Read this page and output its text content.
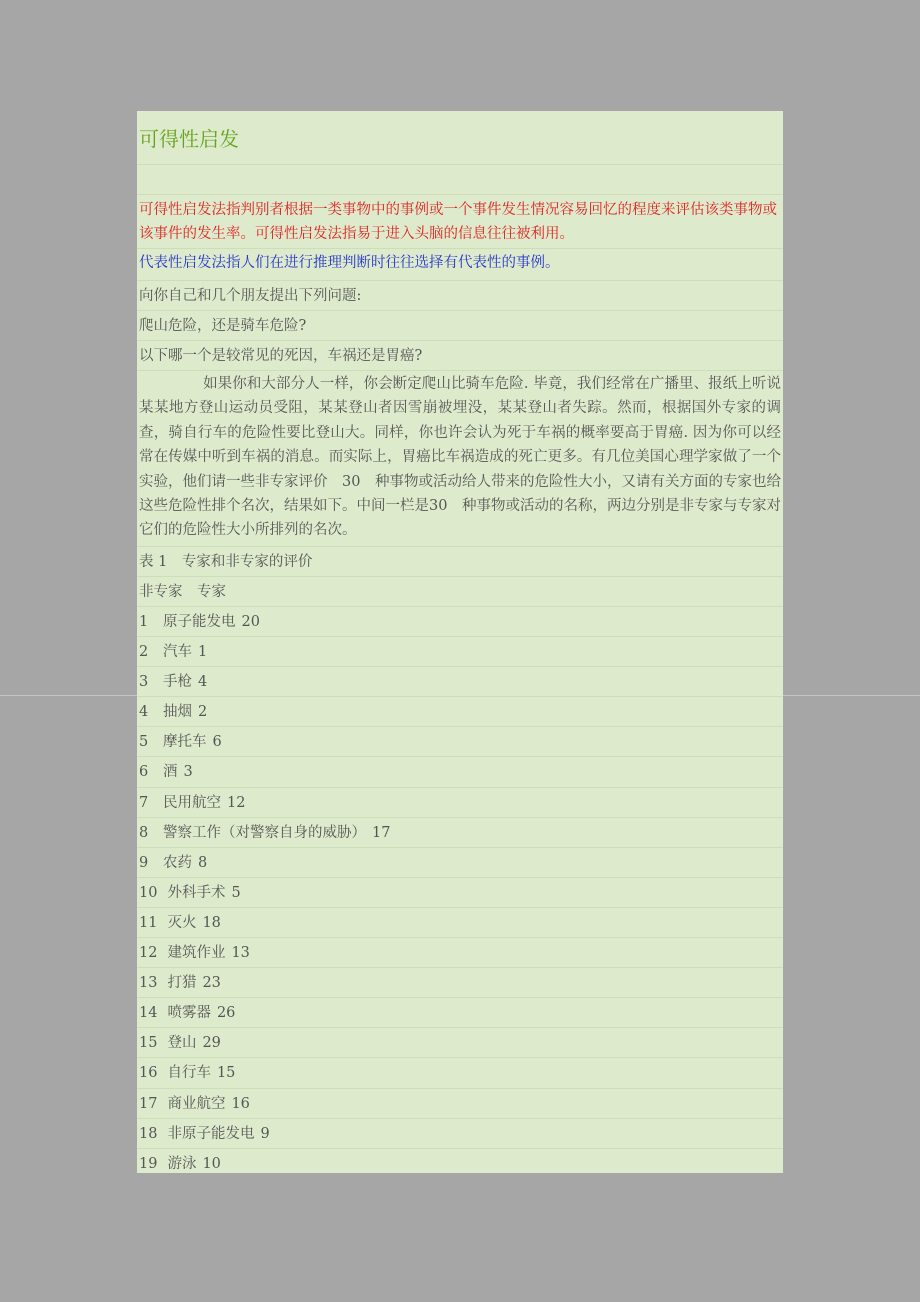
可得性启发
可得性启发法指判别者根据一类事物中的事例或一个事件发生情况容易回忆的程度来评估该类事物或该事件的发生率。可得性启发法指易于进入头脑的信息往往被利用。
代表性启发法指人们在进行推理判断时往往选择有代表性的事例。
向你自己和几个朋友提出下列问题:
爬山危险，还是骑车危险?
以下哪一个是较常见的死因，车祸还是胃癌?
如果你和大部分人一样，你会断定爬山比骑车危险. 毕竟，我们经常在广播里、报纸上听说某某地方登山运动员受阻，某某登山者因雪崩被埋没，某某登山者失踪。然而，根据国外专家的调查，骑自行车的危险性要比登山大。同样，你也许会认为死于车祸的概率要高于胃癌. 因为你可以经常在传媒中听到车祸的消息。而实际上，胃癌比车祸造成的死亡更多。有几位美国心理学家做了一个实验，他们请一些非专家评价　30　种事物或活动给人带来的危险性大小，又请有关方面的专家也给这些危险性排个名次，结果如下。中间一栏是30　种事物或活动的名称，两边分别是非专家与专家对它们的危险性大小所排列的名次。
表 1　专家和非专家的评价
非专家　专家
1 原子能发电 20
2 汽车 1
3 手枪 4
4 抽烟 2
5 摩托车 6
6 酒 3
7 民用航空 12
8 警察工作（对警察自身的威胁） 17
9 农药 8
10 外科手术 5
11 灭火 18
12 建筑作业 13
13 打猎 23
14 喷雾器 26
15 登山 29
16 自行车 15
17 商业航空 16
18 非原子能发电 9
19 游泳 10
